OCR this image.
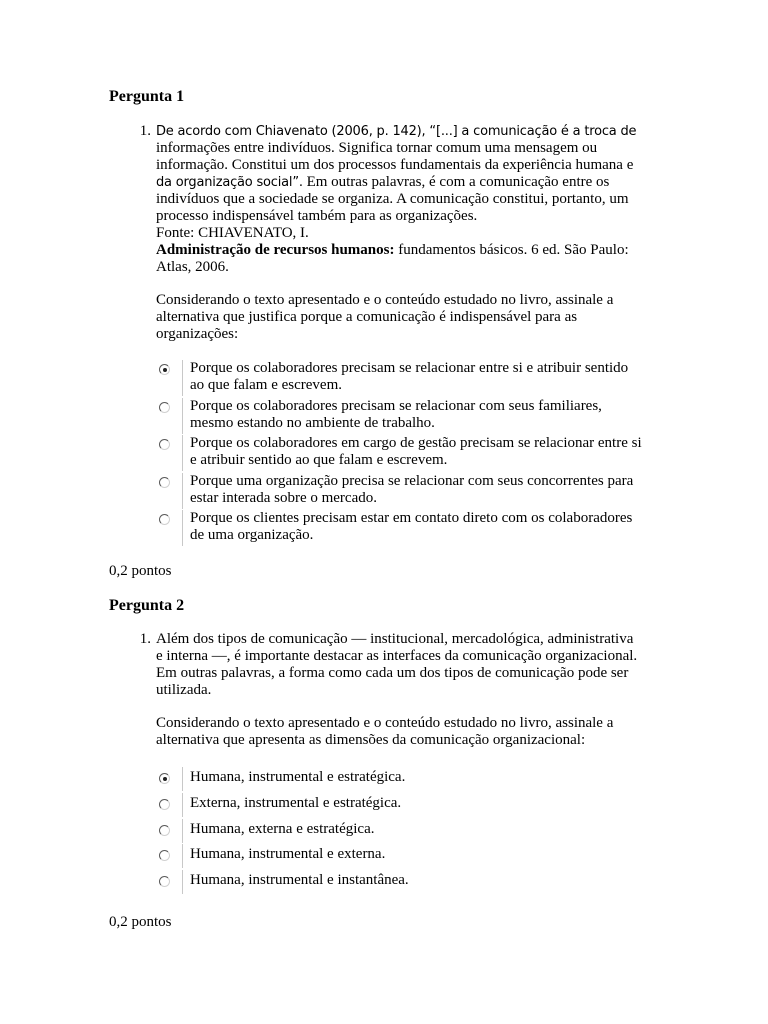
Pergunta 1
1. De acordo com Chiavenato (2006, p. 142), “[...] a comunicação é a troca de
informações entre indivíduos. Significa tornar comum uma mensagem ou
informação. Constitui um dos processos fundamentais da experiência humana e
da organização social”. Em outras palavras, é com a comunicação entre os
indivíduos que a sociedade se organiza. A comunicação constitui, portanto, um
processo indispensável também para as organizações.
Fonte: CHIAVENATO, I.
Administração de recursos humanos: fundamentos básicos. 6 ed. São Paulo:
Atlas, 2006.
Considerando o texto apresentado e o conteúdo estudado no livro, assinale a
alternativa que justifica porque a comunicação é indispensável para as
organizações:
Porque os colaboradores precisam se relacionar entre si e atribuir sentido
ao que falam e escrevem.
Porque os colaboradores precisam se relacionar com seus familiares,
mesmo estando no ambiente de trabalho.
Porque os colaboradores em cargo de gestão precisam se relacionar entre si
e atribuir sentido ao que falam e escrevem.
Porque uma organização precisa se relacionar com seus concorrentes para
estar interada sobre o mercado.
Porque os clientes precisam estar em contato direto com os colaboradores
de uma organização.
0,2 pontos
Pergunta 2
1. Além dos tipos de comunicação — institucional, mercadológica, administrativa
e interna —, é importante destacar as interfaces da comunicação organizacional.
Em outras palavras, a forma como cada um dos tipos de comunicação pode ser
utilizada.
Considerando o texto apresentado e o conteúdo estudado no livro, assinale a
alternativa que apresenta as dimensões da comunicação organizacional:
Humana, instrumental e estratégica.
Externa, instrumental e estratégica.
Humana, externa e estratégica.
Humana, instrumental e externa.
Humana, instrumental e instantânea.
0,2 pontos
